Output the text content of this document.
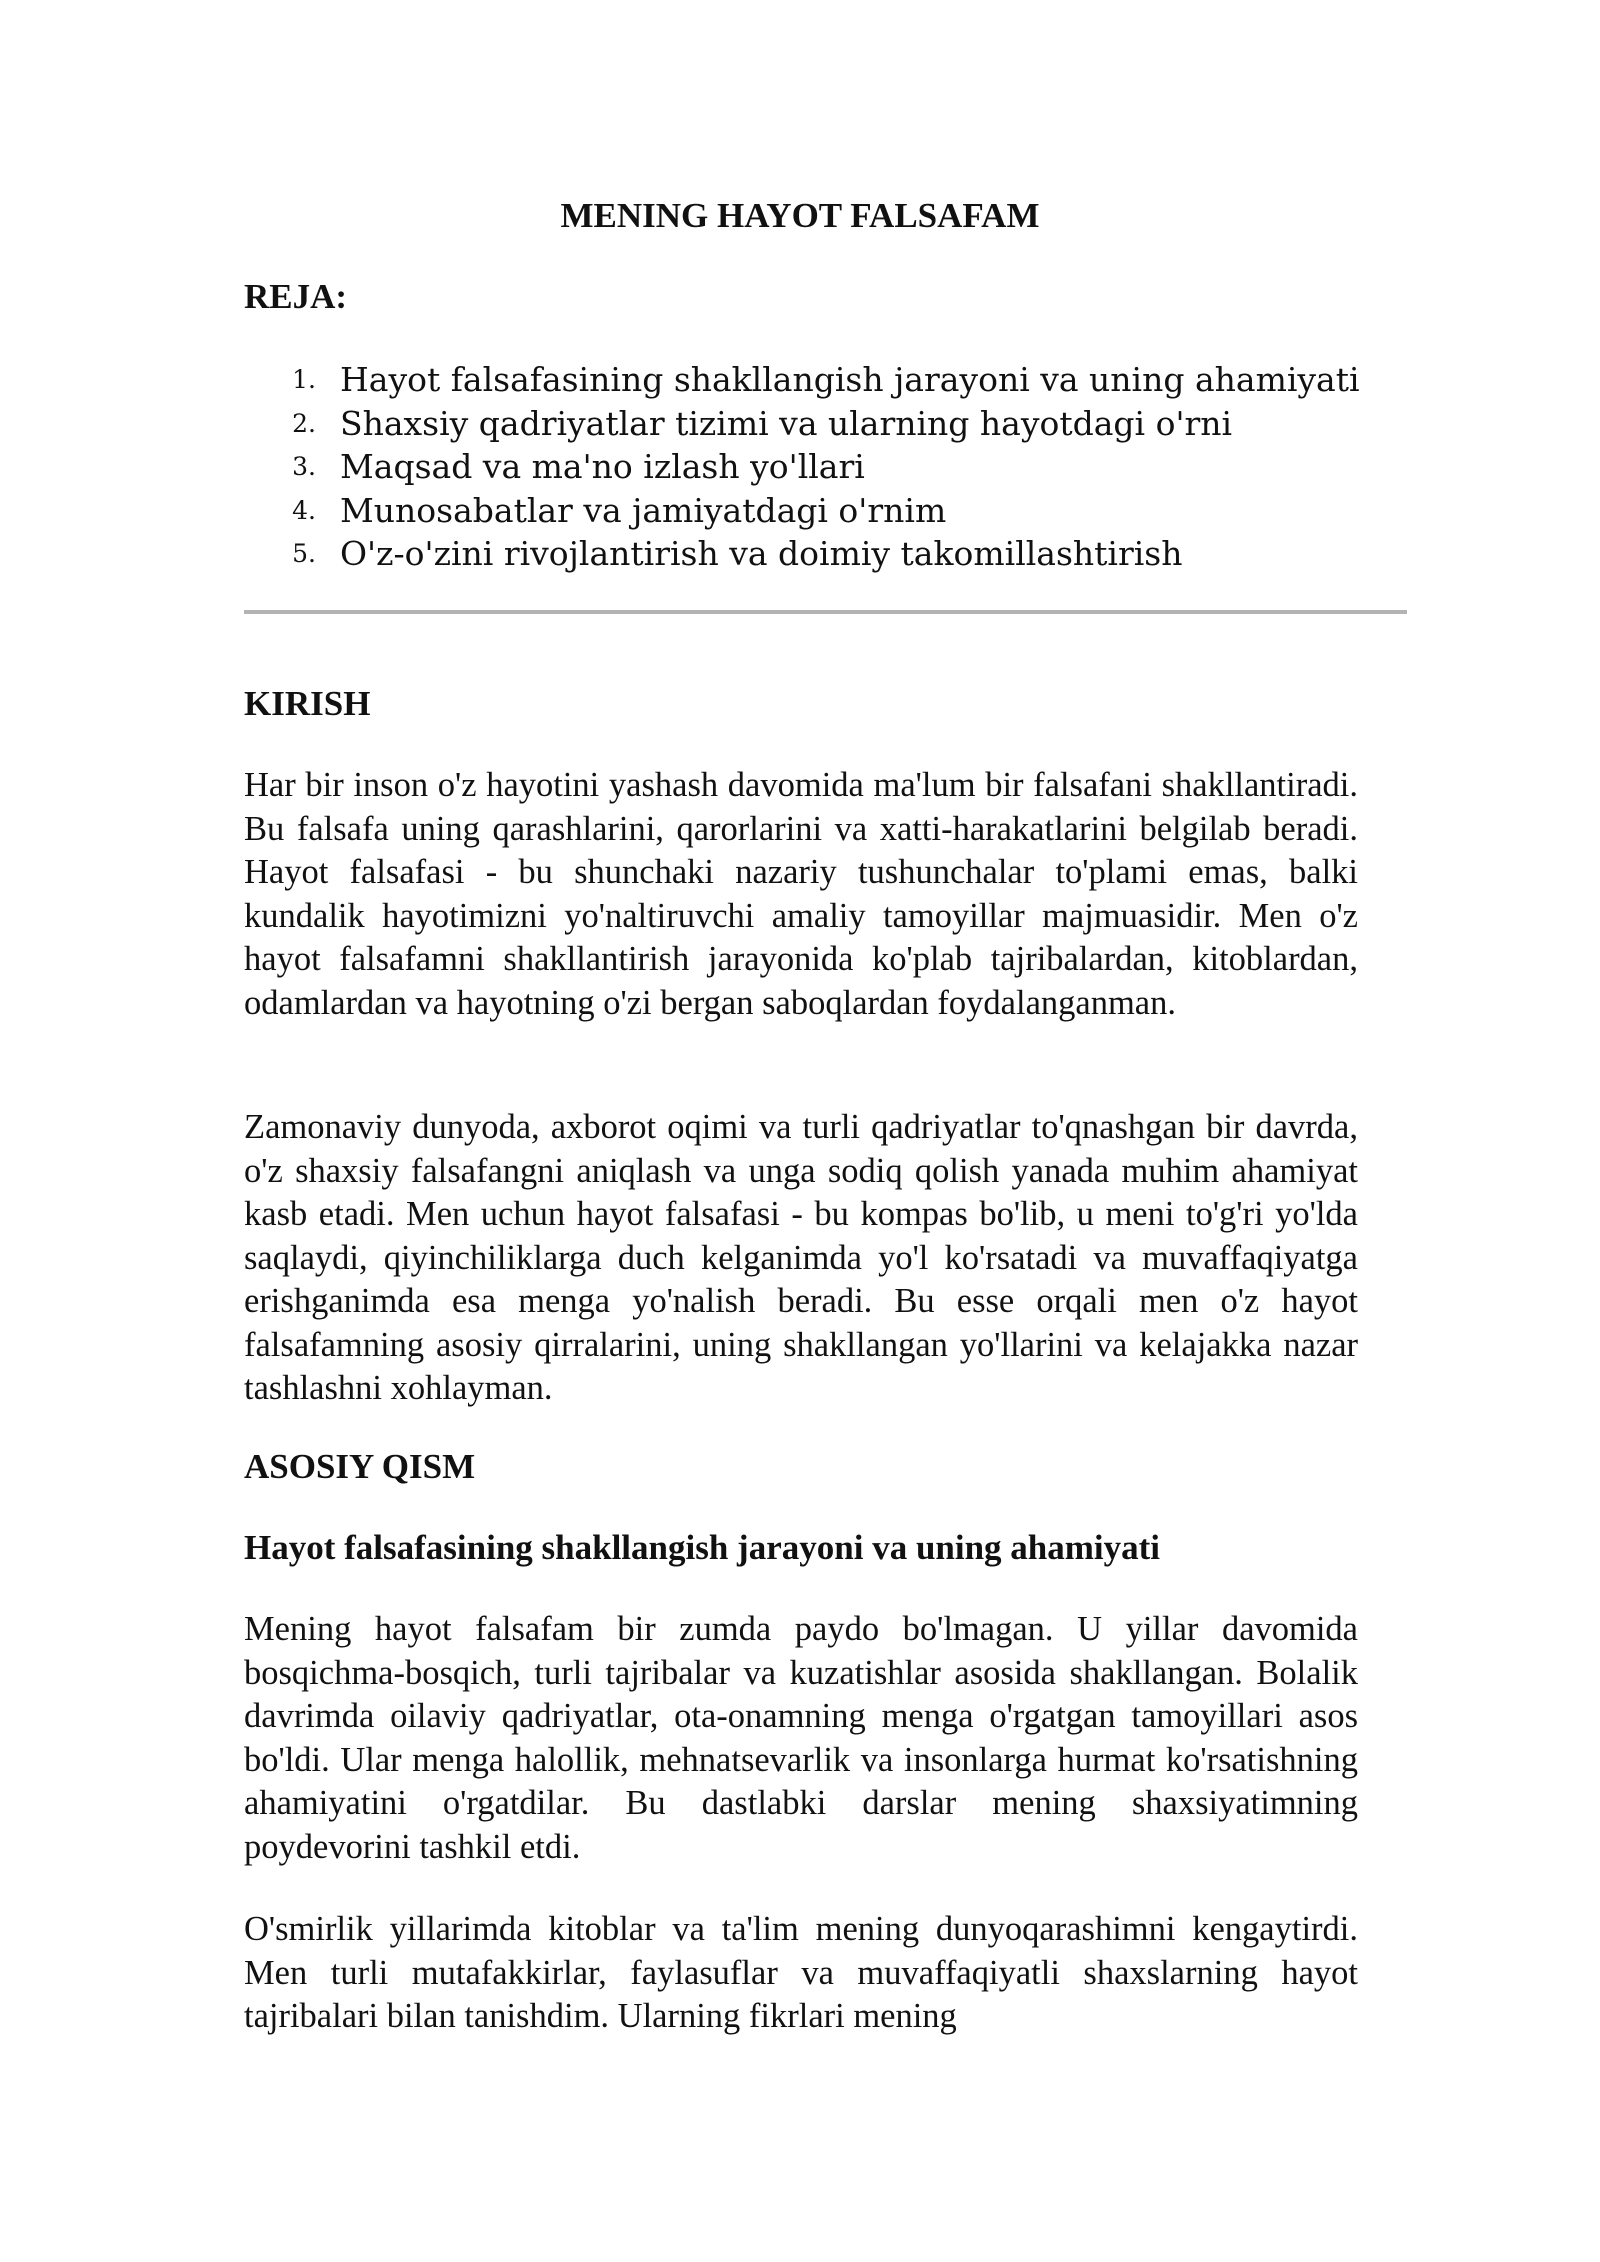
MENING HAYOT FALSAFAM
REJA:
1. Hayot falsafasining shakllangish jarayoni va uning ahamiyati
2. Shaxsiy qadriyatlar tizimi va ularning hayotdagi o'rni
3. Maqsad va ma'no izlash yo'llari
4. Munosabatlar va jamiyatdagi o'rnim
5. O'z-o'zini rivojlantirish va doimiy takomillashtirish
KIRISH

Har bir inson o'z hayotini yashash davomida ma'lum bir falsafani shakllantiradi. Bu falsafa uning qarashlarini, qarorlarini va xatti-harakatlarini belgilab beradi. Hayot falsafasi - bu shunchaki nazariy tushunchalar to'plami emas, balki kundalik hayotimizni yo'naltiruvchi amaliy tamoyillar majmuasidir. Men o'z hayot falsafamni shakllantirish jarayonida ko'plab tajribalardan, kitoblardan, odamlardan va hayotning o'zi bergan saboqlardan foydalanganman.

Zamonaviy dunyoda, axborot oqimi va turli qadriyatlar to'qnashgan bir davrda, o'z shaxsiy falsafangni aniqlash va unga sodiq qolish yanada muhim ahamiyat kasb etadi. Men uchun hayot falsafasi - bu kompas bo'lib, u meni to'g'ri yo'lda saqlaydi, qiyinchiliklarga duch kelganimda yo'l ko'rsatadi va muvaffaqiyatga erishganimda esa menga yo'nalish beradi. Bu esse orqali men o'z hayot falsafamning asosiy qirralarini, uning shakllangan yo'llarini va kelajakka nazar tashlashni xohlayman.

ASOSIY QISM
Hayot falsafasining shakllangish jarayoni va uning ahamiyati

Mening hayot falsafam bir zumda paydo bo'lmagan. U yillar davomida bosqichma-bosqich, turli tajribalar va kuzatishlar asosida shakllangan. Bolalik davrimda oilaviy qadriyatlar, ota-onamning menga o'rgatgan tamoyillari asos bo'ldi. Ular menga halollik, mehnatsevarlik va insonlarga hurmat ko'rsatishning ahamiyatini o'rgatdilar. Bu dastlabki darslar mening shaxsiyatimning poydevorini tashkil etdi.

O'smirlik yillarimda kitoblar va ta'lim mening dunyoqarashimni kengaytirdi. Men turli mutafakkirlar, faylasuflar va muvaffaqiyatli shaxslarning hayot tajribalari bilan tanishdim. Ularning fikrlari mening
